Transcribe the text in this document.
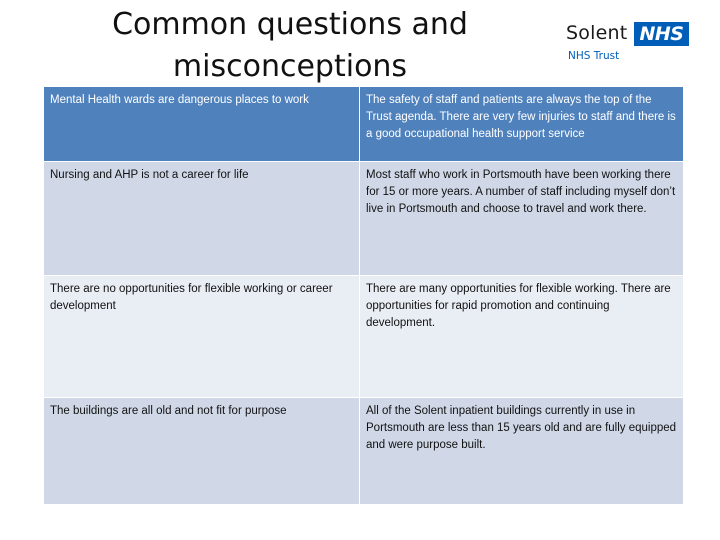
Common questions and misconceptions
Solent NHS
NHS Trust
Mental Health wards are dangerous places to work	The safety of staff and patients are always the top of the Trust agenda. There are very few injuries to staff and there is a good occupational health support service
Nursing and AHP is not a career for life	Most staff who work in Portsmouth have been working there for 15 or more years. A number of staff including myself don’t live in Portsmouth and choose to travel and work there.
There are no opportunities for flexible working or career development	There are many opportunities for flexible working. There are opportunities for rapid promotion and continuing development.
The buildings are all old and not fit for purpose	All of the Solent inpatient buildings currently in use in Portsmouth are less than 15 years old and are fully equipped and were purpose built.
